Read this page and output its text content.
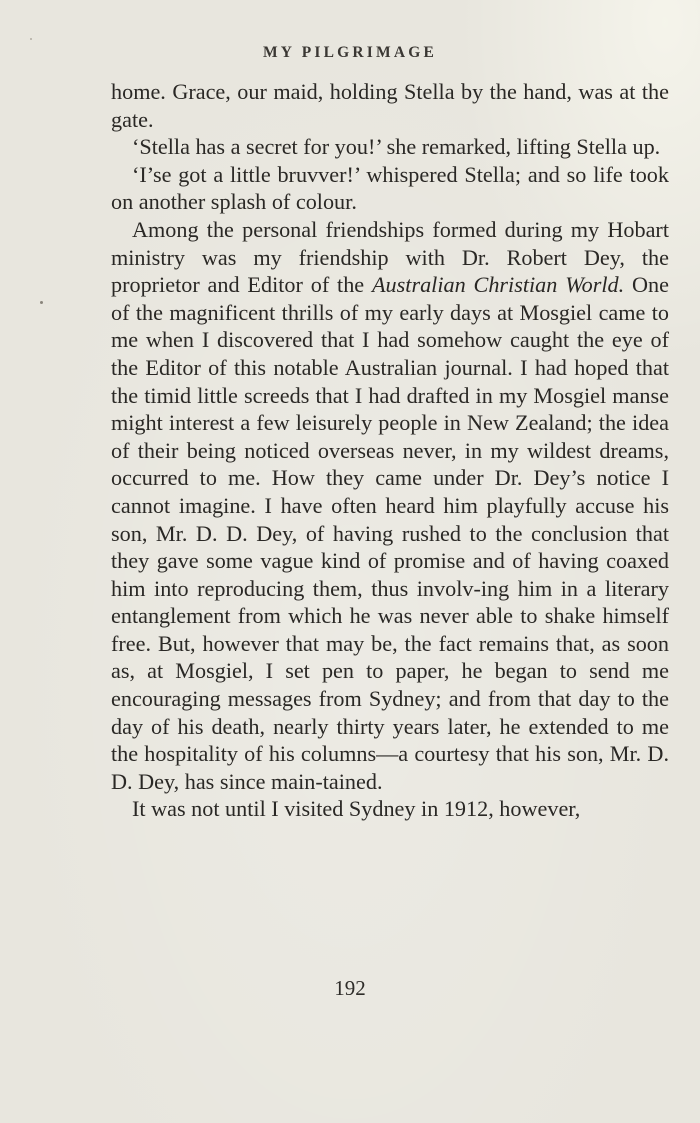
MY PILGRIMAGE

home. Grace, our maid, holding Stella by the hand, was at the gate.

‘Stella has a secret for you!’ she remarked, lifting Stella up.

‘I’se got a little bruvver!’ whispered Stella; and so life took on another splash of colour.

Among the personal friendships formed during my Hobart ministry was my friendship with Dr. Robert Dey, the proprietor and Editor of the Australian Christian World. One of the magnificent thrills of my early days at Mosgiel came to me when I discovered that I had somehow caught the eye of the Editor of this notable Australian journal. I had hoped that the timid little screeds that I had drafted in my Mosgiel manse might interest a few leisurely people in New Zealand; the idea of their being noticed overseas never, in my wildest dreams, occurred to me. How they came under Dr. Dey’s notice I cannot imagine. I have often heard him playfully accuse his son, Mr. D. D. Dey, of having rushed to the conclusion that they gave some vague kind of promise and of having coaxed him into reproducing them, thus involv-ing him in a literary entanglement from which he was never able to shake himself free. But, however that may be, the fact remains that, as soon as, at Mosgiel, I set pen to paper, he began to send me encouraging messages from Sydney; and from that day to the day of his death, nearly thirty years later, he extended to me the hospitality of his columns—a courtesy that his son, Mr. D. D. Dey, has since main-tained.

It was not until I visited Sydney in 1912, however,

192
